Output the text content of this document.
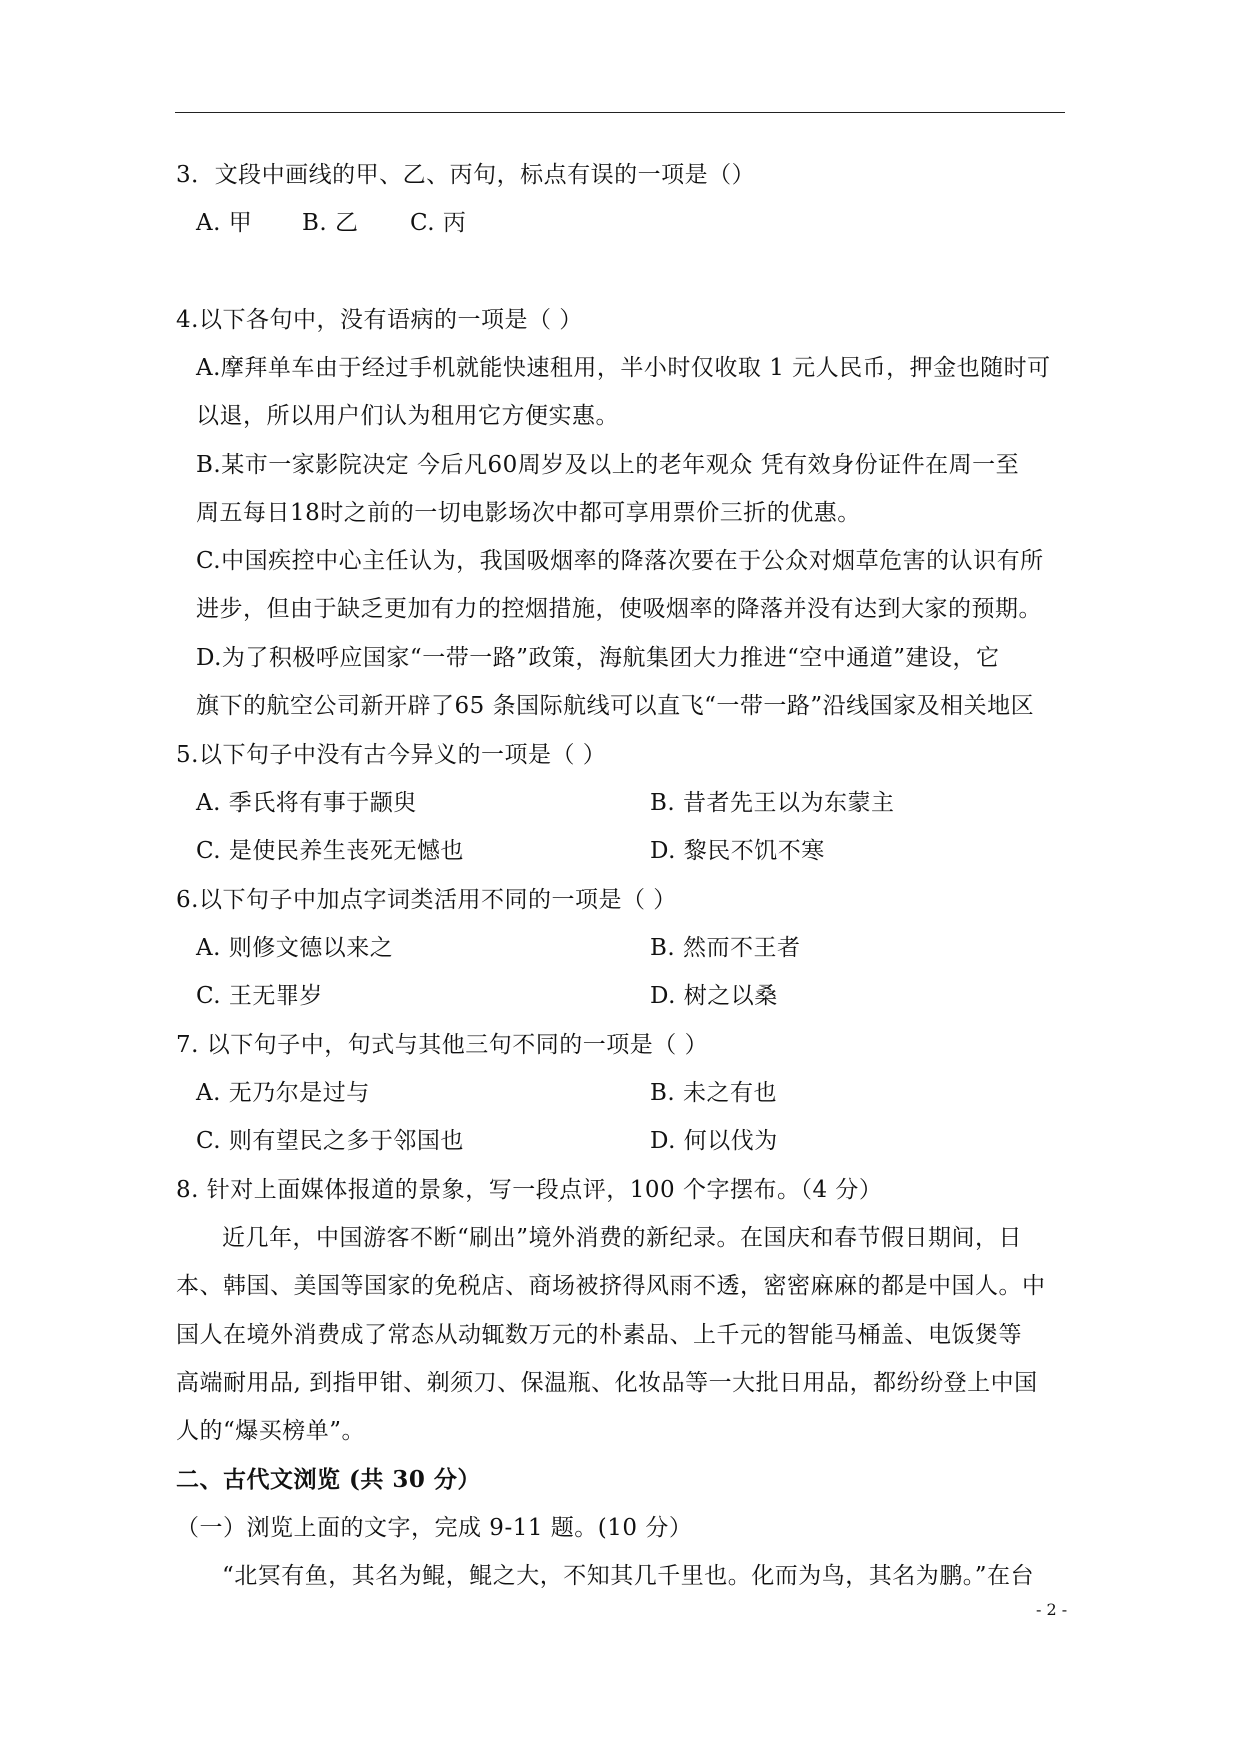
3．文段中画线的甲、乙、丙句，标点有误的一项是（）
A. 甲 B. 乙 C. 丙
4.以下各句中，没有语病的一项是（ ）
A.摩拜单车由于经过手机就能快速租用，半小时仅收取 1 元人民币，押金也随时可
以退，所以用户们认为租用它方便实惠。
B.某市一家影院决定 今后凡60周岁及以上的老年观众 凭有效身份证件在周一至
周五每日18时之前的一切电影场次中都可享用票价三折的优惠。
C.中国疾控中心主任认为，我国吸烟率的降落次要在于公众对烟草危害的认识有所
进步，但由于缺乏更加有力的控烟措施，使吸烟率的降落并没有达到大家的预期。
D.为了积极呼应国家“一带一路”政策，海航集团大力推进“空中通道”建设，它
旗下的航空公司新开辟了65 条国际航线可以直飞“一带一路”沿线国家及相关地区
5.以下句子中没有古今异义的一项是（ ）
A. 季氏将有事于颛臾	B. 昔者先王以为东蒙主
C. 是使民养生丧死无憾也	D. 黎民不饥不寒
6.以下句子中加点字词类活用不同的一项是（ ）
A. 则修文德以来之	B. 然而不王者
C. 王无罪岁	D. 树之以桑
7. 以下句子中，句式与其他三句不同的一项是（ ）
A. 无乃尔是过与	B. 未之有也
C. 则有望民之多于邻国也	D. 何以伐为
8. 针对上面媒体报道的景象，写一段点评，100 个字摆布。（4 分）
近几年，中国游客不断“刷出”境外消费的新纪录。在国庆和春节假日期间，日
本、韩国、美国等国家的免税店、商场被挤得风雨不透，密密麻麻的都是中国人。中
国人在境外消费成了常态从动辄数万元的朴素品、上千元的智能马桶盖、电饭煲等
高端耐用品, 到指甲钳、剃须刀、保温瓶、化妆品等一大批日用品，都纷纷登上中国
人的“爆买榜单”。
二、古代文浏览 (共 30 分）
（一）浏览上面的文字，完成 9-11 题。(10 分）
“北冥有鱼，其名为鲲，鲲之大，不知其几千里也。化而为鸟，其名为鹏。”在台
- 2 -
